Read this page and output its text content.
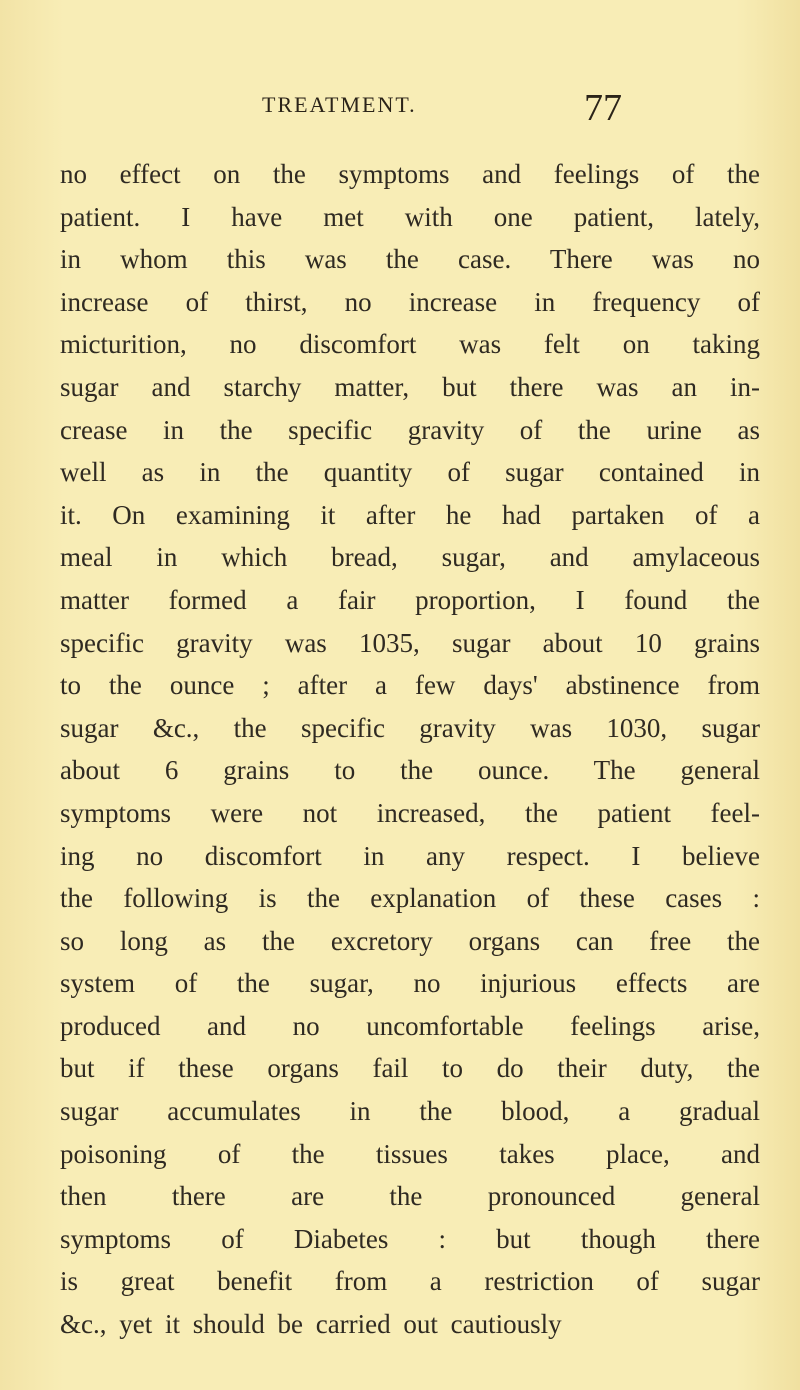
TREATMENT.	77
no effect on the symptoms and feelings of the
patient. I have met with one patient, lately,
in whom this was the case. There was no
increase of thirst, no increase in frequency of
micturition, no discomfort was felt on taking
sugar and starchy matter, but there was an in-
crease in the specific gravity of the urine as
well as in the quantity of sugar contained in
it. On examining it after he had partaken of a
meal in which bread, sugar, and amylaceous
matter formed a fair proportion, I found the
specific gravity was 1035, sugar about 10 grains
to the ounce ; after a few days' abstinence from
sugar &c., the specific gravity was 1030, sugar
about 6 grains to the ounce. The general
symptoms were not increased, the patient feel-
ing no discomfort in any respect. I believe
the following is the explanation of these cases :
so long as the excretory organs can free the
system of the sugar, no injurious effects are
produced and no uncomfortable feelings arise,
but if these organs fail to do their duty, the
sugar accumulates in the blood, a gradual
poisoning of the tissues takes place, and
then there are the pronounced general
symptoms of Diabetes : but though there
is great benefit from a restriction of sugar
&c., yet it should be carried out cautiously
